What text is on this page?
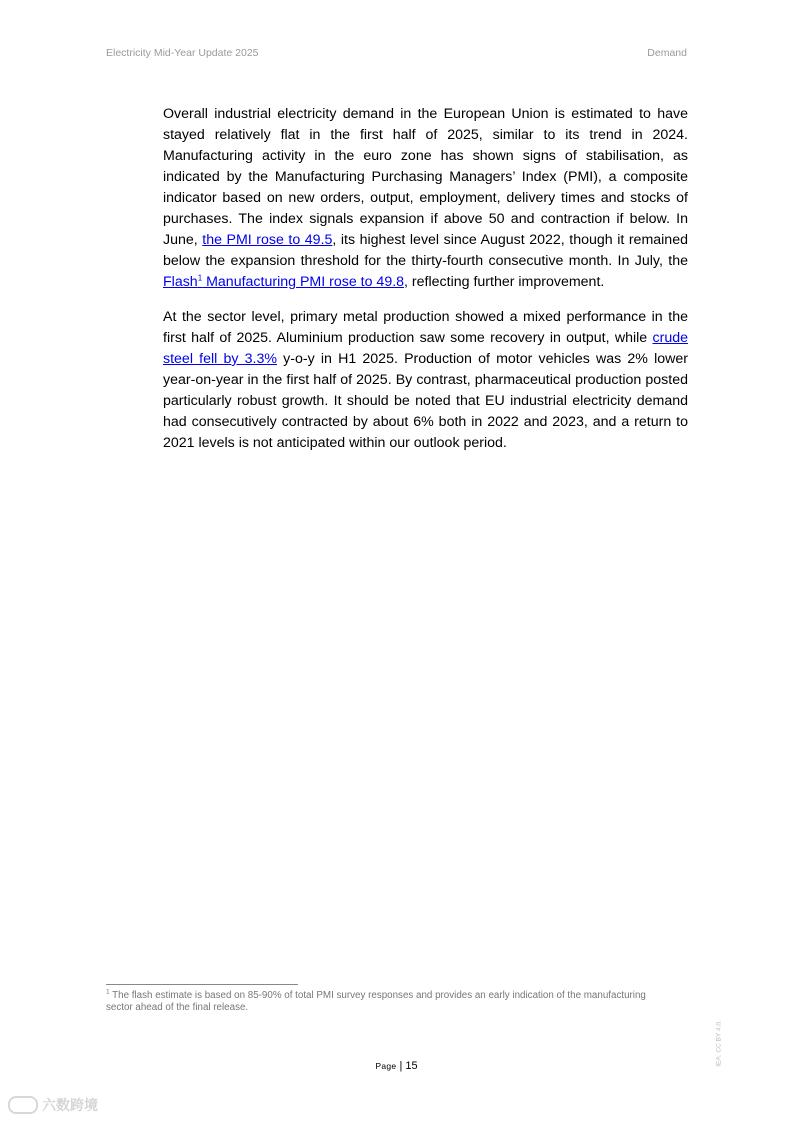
Electricity Mid-Year Update 2025	Demand

Overall industrial electricity demand in the European Union is estimated to have stayed relatively flat in the first half of 2025, similar to its trend in 2024. Manufacturing activity in the euro zone has shown signs of stabilisation, as indicated by the Manufacturing Purchasing Managers’ Index (PMI), a composite indicator based on new orders, output, employment, delivery times and stocks of purchases. The index signals expansion if above 50 and contraction if below. In June, the PMI rose to 49.5, its highest level since August 2022, though it remained below the expansion threshold for the thirty-fourth consecutive month. In July, the Flash$^1$ Manufacturing PMI rose to 49.8, reflecting further improvement.

At the sector level, primary metal production showed a mixed performance in the first half of 2025. Aluminium production saw some recovery in output, while crude steel fell by 3.3% y-o-y in H1 2025. Production of motor vehicles was 2% lower year-on-year in the first half of 2025. By contrast, pharmaceutical production posted particularly robust growth. It should be noted that EU industrial electricity demand had consecutively contracted by about 6% both in 2022 and 2023, and a return to 2021 levels is not anticipated within our outlook period.

$^1$ The flash estimate is based on 85-90% of total PMI survey responses and provides an early indication of the manufacturing sector ahead of the final release.
Page | 15	IEA. CC BY 4.0.
六数跨境
